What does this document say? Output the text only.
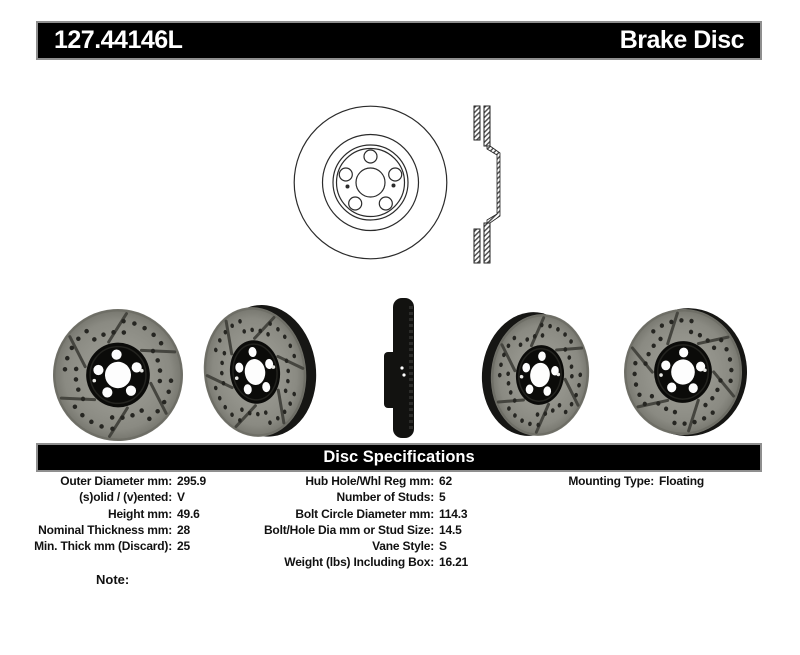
127.44146L	Brake Disc
Disc Specifications
Outer Diameter mm: 295.9
(s)olid / (v)ented: V
Height mm: 49.6
Nominal Thickness mm: 28
Min. Thick mm (Discard): 25
Hub Hole/Whl Reg mm: 62
Number of Studs: 5
Bolt Circle Diameter mm: 114.3
Bolt/Hole Dia mm or Stud Size: 14.5
Vane Style: S
Weight (lbs) Including Box: 16.21
Mounting Type: Floating
Note:
